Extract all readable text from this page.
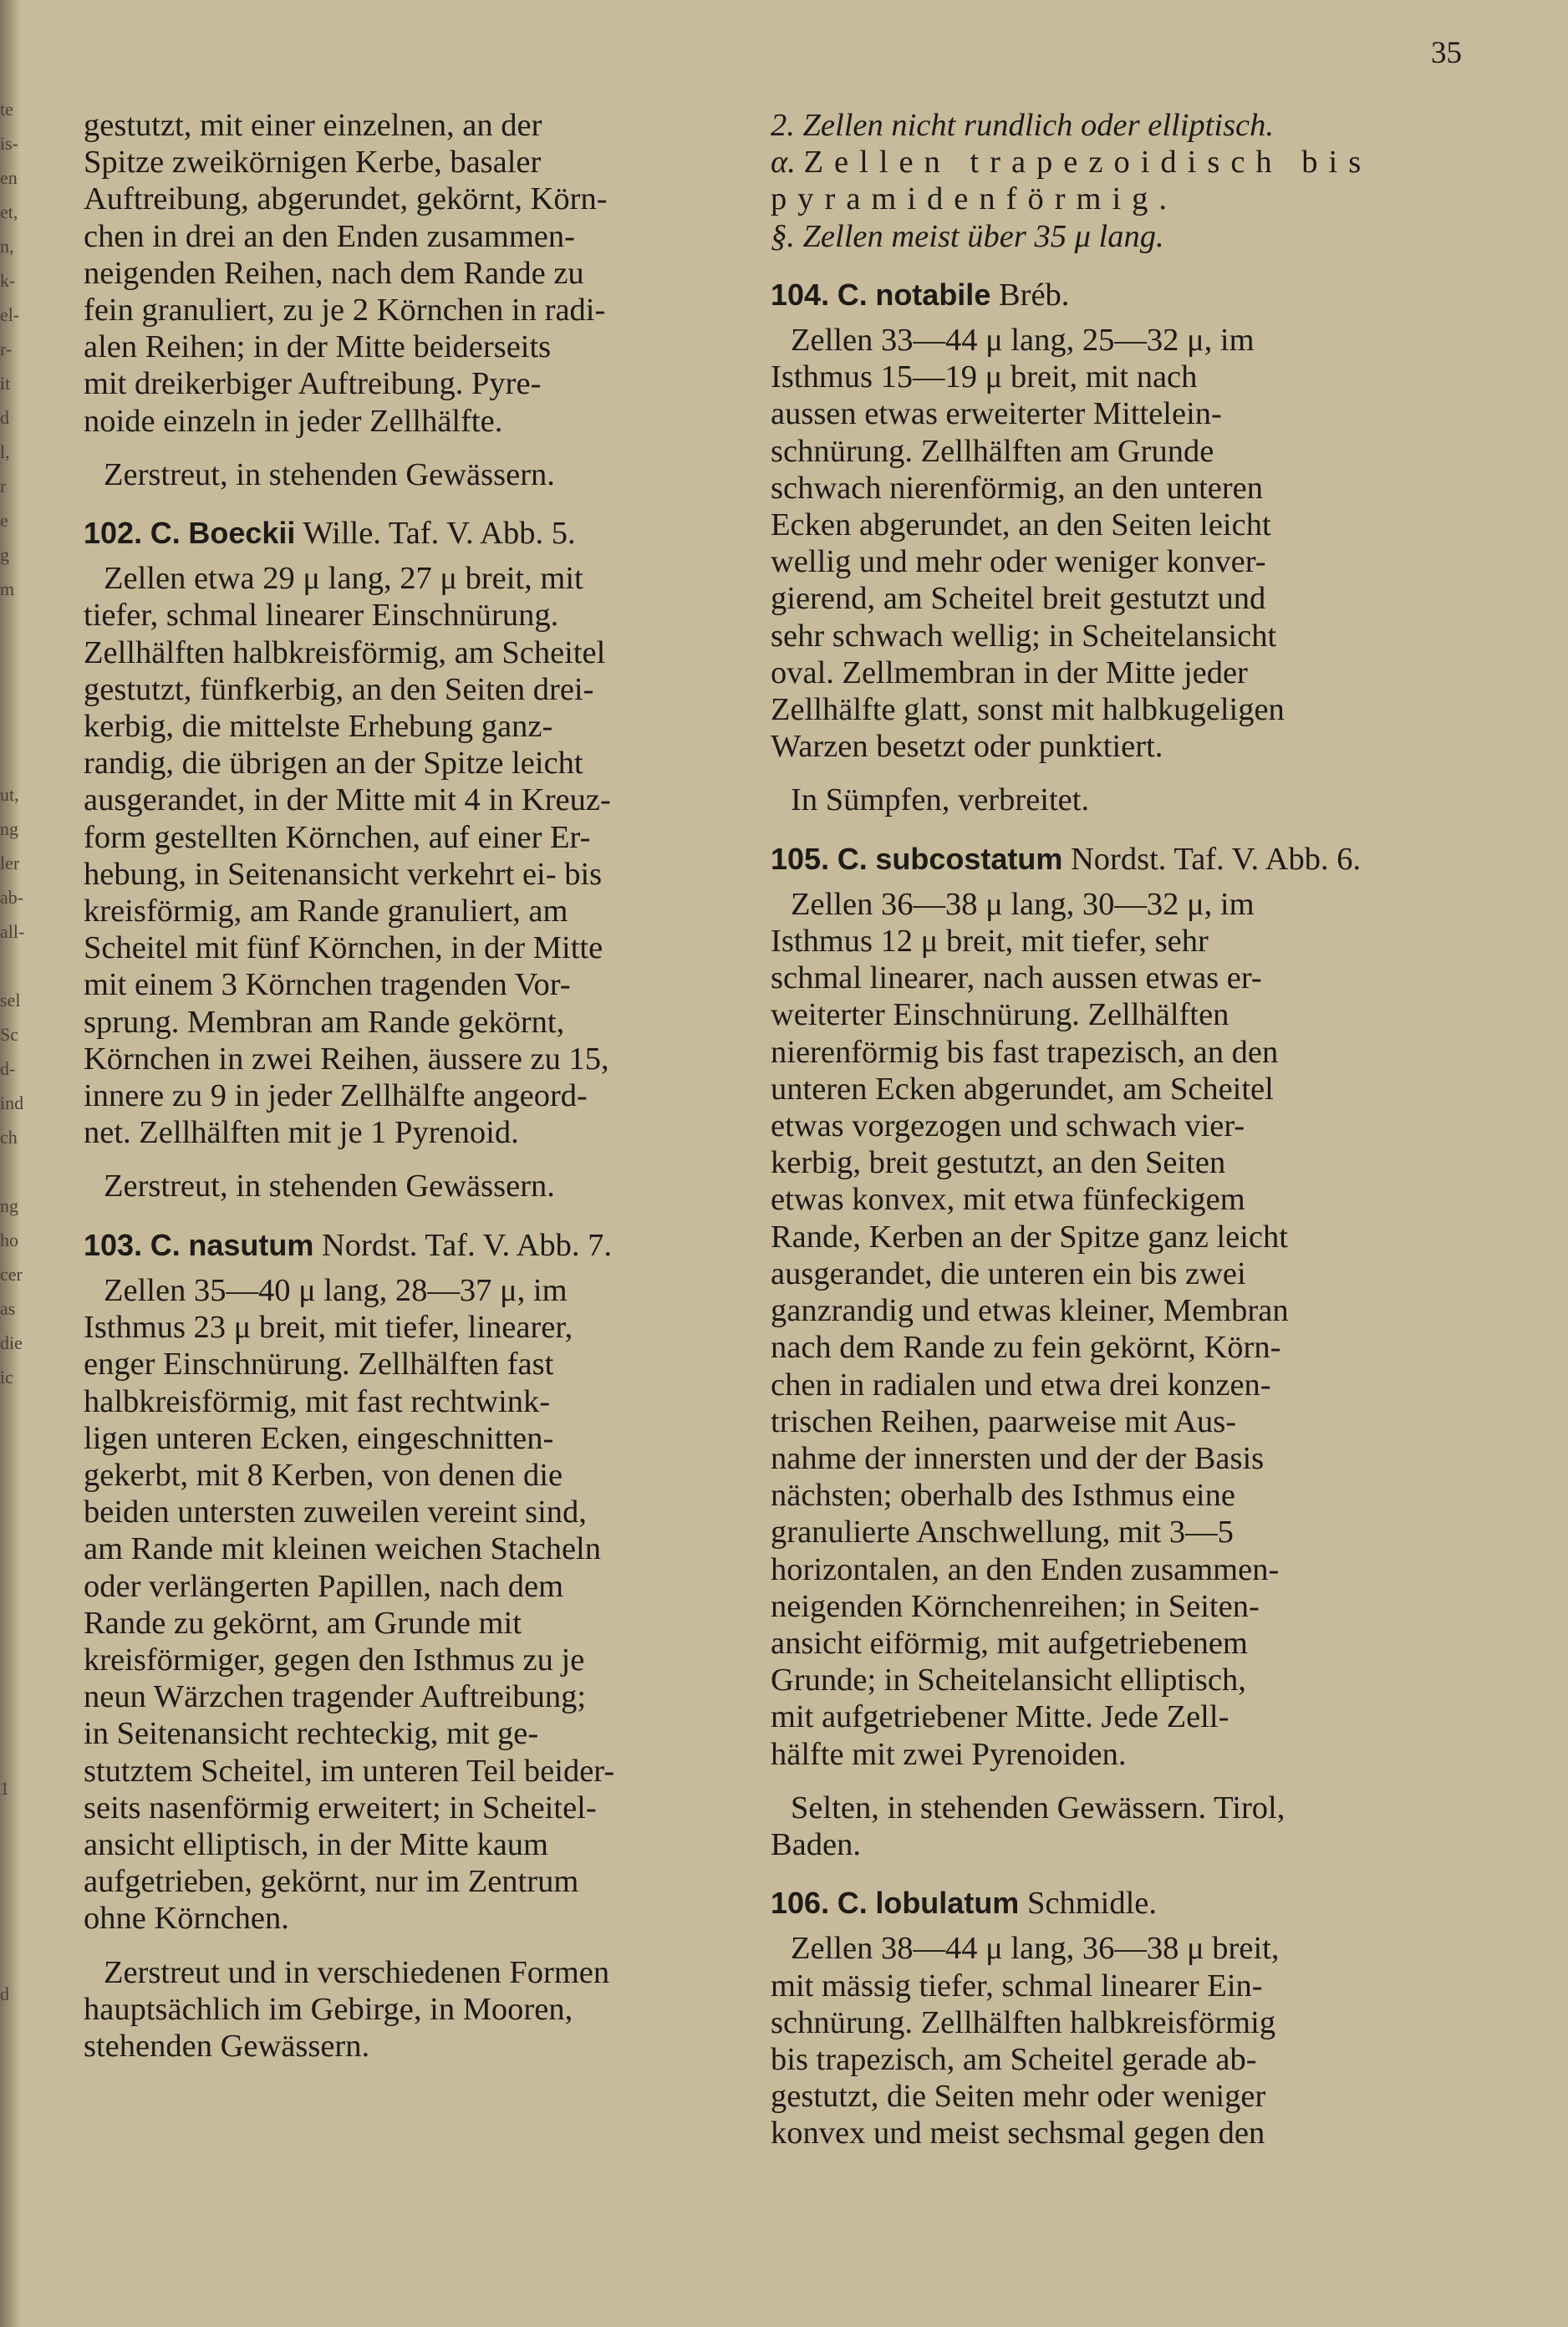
te
is-
en
et,
n,
k-
el-
r-
it
d
l,
r
e
g
m
ut,
ng
ler
ab-
all-
sel
Sc
d-
ind
ch
ng
ho
cer
as
die
ic
1
d
35

gestutzt, mit einer einzelnen, an der

Spitze zweikörnigen Kerbe, basaler

Auftreibung, abgerundet, gekörnt, Körn-

chen in drei an den Enden zusammen-

neigenden Reihen, nach dem Rande zu

fein granuliert, zu je 2 Körnchen in radi-

alen Reihen; in der Mitte beiderseits

mit dreikerbiger Auftreibung. Pyre-

noide einzeln in jeder Zellhälfte.

Zerstreut, in stehenden Gewässern.

102. C. Boeckii Wille. Taf. V. Abb. 5.

Zellen etwa 29 μ lang, 27 μ breit, mit

tiefer, schmal linearer Einschnürung.

Zellhälften halbkreisförmig, am Scheitel

gestutzt, fünfkerbig, an den Seiten drei-

kerbig, die mittelste Erhebung ganz-

randig, die übrigen an der Spitze leicht

ausgerandet, in der Mitte mit 4 in Kreuz-

form gestellten Körnchen, auf einer Er-

hebung, in Seitenansicht verkehrt ei- bis

kreisförmig, am Rande granuliert, am

Scheitel mit fünf Körnchen, in der Mitte

mit einem 3 Körnchen tragenden Vor-

sprung. Membran am Rande gekörnt,

Körnchen in zwei Reihen, äussere zu 15,

innere zu 9 in jeder Zellhälfte angeord-

net. Zellhälften mit je 1 Pyrenoid.

Zerstreut, in stehenden Gewässern.

103. C. nasutum Nordst. Taf. V. Abb. 7.

Zellen 35—40 μ lang, 28—37 μ, im

Isthmus 23 μ breit, mit tiefer, linearer,

enger Einschnürung. Zellhälften fast

halbkreisförmig, mit fast rechtwink-

ligen unteren Ecken, eingeschnitten-

gekerbt, mit 8 Kerben, von denen die

beiden untersten zuweilen vereint sind,

am Rande mit kleinen weichen Stacheln

oder verlängerten Papillen, nach dem

Rande zu gekörnt, am Grunde mit

kreisförmiger, gegen den Isthmus zu je

neun Wärzchen tragender Auftreibung;

in Seitenansicht rechteckig, mit ge-

stutztem Scheitel, im unteren Teil beider-

seits nasenförmig erweitert; in Scheitel-

ansicht elliptisch, in der Mitte kaum

aufgetrieben, gekörnt, nur im Zentrum

ohne Körnchen.

Zerstreut und in verschiedenen Formen

hauptsächlich im Gebirge, in Mooren,

stehenden Gewässern.

2. Zellen nicht rundlich oder elliptisch.

α. Zellen trapezoidisch bis

pyramidenförmig.

§. Zellen meist über 35 μ lang.

104. C. notabile Bréb.

Zellen 33—44 μ lang, 25—32 μ, im

Isthmus 15—19 μ breit, mit nach

aussen etwas erweiterter Mittelein-

schnürung. Zellhälften am Grunde

schwach nierenförmig, an den unteren

Ecken abgerundet, an den Seiten leicht

wellig und mehr oder weniger konver-

gierend, am Scheitel breit gestutzt und

sehr schwach wellig; in Scheitelansicht

oval. Zellmembran in der Mitte jeder

Zellhälfte glatt, sonst mit halbkugeligen

Warzen besetzt oder punktiert.

In Sümpfen, verbreitet.

105. C. subcostatum Nordst. Taf. V. Abb. 6.

Zellen 36—38 μ lang, 30—32 μ, im

Isthmus 12 μ breit, mit tiefer, sehr

schmal linearer, nach aussen etwas er-

weiterter Einschnürung. Zellhälften

nierenförmig bis fast trapezisch, an den

unteren Ecken abgerundet, am Scheitel

etwas vorgezogen und schwach vier-

kerbig, breit gestutzt, an den Seiten

etwas konvex, mit etwa fünfeckigem

Rande, Kerben an der Spitze ganz leicht

ausgerandet, die unteren ein bis zwei

ganzrandig und etwas kleiner, Membran

nach dem Rande zu fein gekörnt, Körn-

chen in radialen und etwa drei konzen-

trischen Reihen, paarweise mit Aus-

nahme der innersten und der der Basis

nächsten; oberhalb des Isthmus eine

granulierte Anschwellung, mit 3—5

horizontalen, an den Enden zusammen-

neigenden Körnchenreihen; in Seiten-

ansicht eiförmig, mit aufgetriebenem

Grunde; in Scheitelansicht elliptisch,

mit aufgetriebener Mitte. Jede Zell-

hälfte mit zwei Pyrenoiden.

Selten, in stehenden Gewässern. Tirol,

Baden.

106. C. lobulatum Schmidle.

Zellen 38—44 μ lang, 36—38 μ breit,

mit mässig tiefer, schmal linearer Ein-

schnürung. Zellhälften halbkreisförmig

bis trapezisch, am Scheitel gerade ab-

gestutzt, die Seiten mehr oder weniger

konvex und meist sechsmal gegen den
